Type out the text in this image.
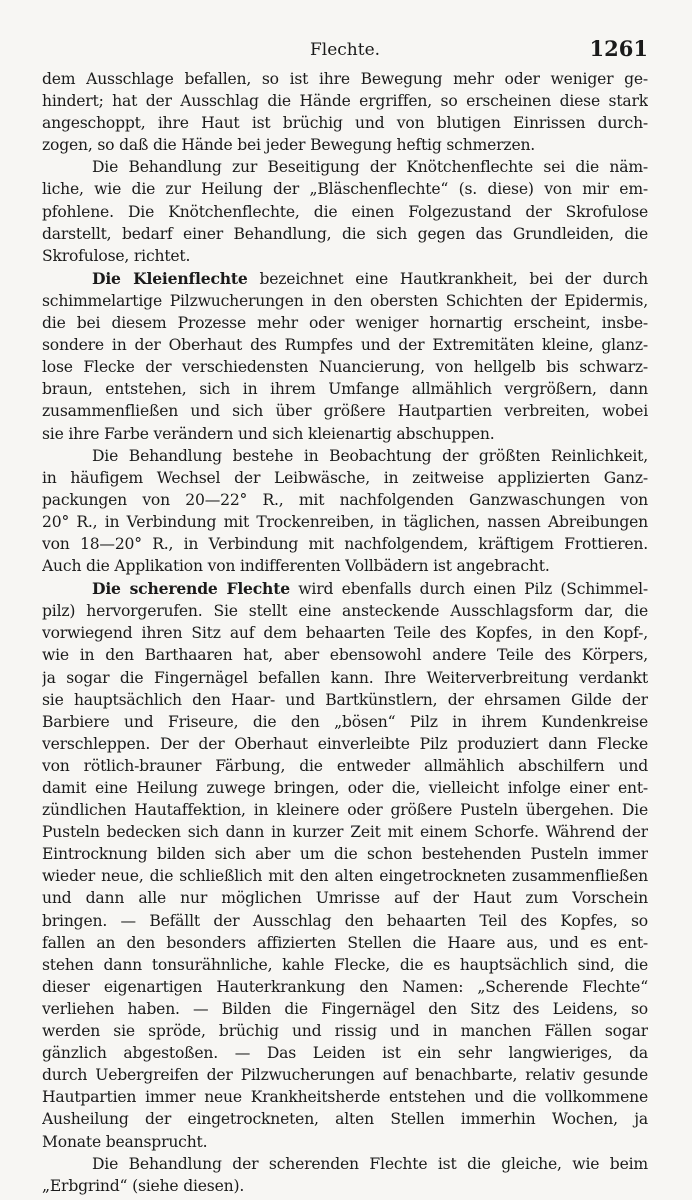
Flechte.	1261
dem Ausschlage befallen, so ist ihre Bewegung mehr oder weniger ge-
hindert; hat der Ausschlag die Hände ergriffen, so erscheinen diese stark
angeschoppt, ihre Haut ist brüchig und von blutigen Einrissen durch-
zogen, so daß die Hände bei jeder Bewegung heftig schmerzen.
Die Behandlung zur Beseitigung der Knötchenflechte sei die näm-
liche, wie die zur Heilung der „Bläschenflechte“ (s. diese) von mir em-
pfohlene. Die Knötchenflechte, die einen Folgezustand der Skrofulose
darstellt, bedarf einer Behandlung, die sich gegen das Grundleiden, die
Skrofulose, richtet.
Die Kleienflechte bezeichnet eine Hautkrankheit, bei der durch
schimmelartige Pilzwucherungen in den obersten Schichten der Epidermis,
die bei diesem Prozesse mehr oder weniger hornartig erscheint, insbe-
sondere in der Oberhaut des Rumpfes und der Extremitäten kleine, glanz-
lose Flecke der verschiedensten Nuancierung, von hellgelb bis schwarz-
braun, entstehen, sich in ihrem Umfange allmählich vergrößern, dann
zusammenfließen und sich über größere Hautpartien verbreiten, wobei
sie ihre Farbe verändern und sich kleienartig abschuppen.
Die Behandlung bestehe in Beobachtung der größten Reinlichkeit,
in häufigem Wechsel der Leibwäsche, in zeitweise applizierten Ganz-
packungen von 20—22° R., mit nachfolgenden Ganzwaschungen von
20° R., in Verbindung mit Trockenreiben, in täglichen, nassen Abreibungen
von 18—20° R., in Verbindung mit nachfolgendem, kräftigem Frottieren.
Auch die Applikation von indifferenten Vollbädern ist angebracht.
Die scherende Flechte wird ebenfalls durch einen Pilz (Schimmel-
pilz) hervorgerufen. Sie stellt eine ansteckende Ausschlagsform dar, die
vorwiegend ihren Sitz auf dem behaarten Teile des Kopfes, in den Kopf-,
wie in den Barthaaren hat, aber ebensowohl andere Teile des Körpers,
ja sogar die Fingernägel befallen kann. Ihre Weiterverbreitung verdankt
sie hauptsächlich den Haar- und Bartkünstlern, der ehrsamen Gilde der
Barbiere und Friseure, die den „bösen“ Pilz in ihrem Kundenkreise
verschleppen. Der der Oberhaut einverleibte Pilz produziert dann Flecke
von rötlich-brauner Färbung, die entweder allmählich abschilfern und
damit eine Heilung zuwege bringen, oder die, vielleicht infolge einer ent-
zündlichen Hautaffektion, in kleinere oder größere Pusteln übergehen. Die
Pusteln bedecken sich dann in kurzer Zeit mit einem Schorfe. Während der
Eintrocknung bilden sich aber um die schon bestehenden Pusteln immer
wieder neue, die schließlich mit den alten eingetrockneten zusammenfließen
und dann alle nur möglichen Umrisse auf der Haut zum Vorschein
bringen. — Befällt der Ausschlag den behaarten Teil des Kopfes, so
fallen an den besonders affizierten Stellen die Haare aus, und es ent-
stehen dann tonsurähnliche, kahle Flecke, die es hauptsächlich sind, die
dieser eigenartigen Hauterkrankung den Namen: „Scherende Flechte“
verliehen haben. — Bilden die Fingernägel den Sitz des Leidens, so
werden sie spröde, brüchig und rissig und in manchen Fällen sogar
gänzlich abgestoßen. — Das Leiden ist ein sehr langwieriges, da
durch Uebergreifen der Pilzwucherungen auf benachbarte, relativ gesunde
Hautpartien immer neue Krankheitsherde entstehen und die vollkommene
Ausheilung der eingetrockneten, alten Stellen immerhin Wochen, ja
Monate beansprucht.
Die Behandlung der scherenden Flechte ist die gleiche, wie beim
„Erbgrind“ (siehe diesen).
